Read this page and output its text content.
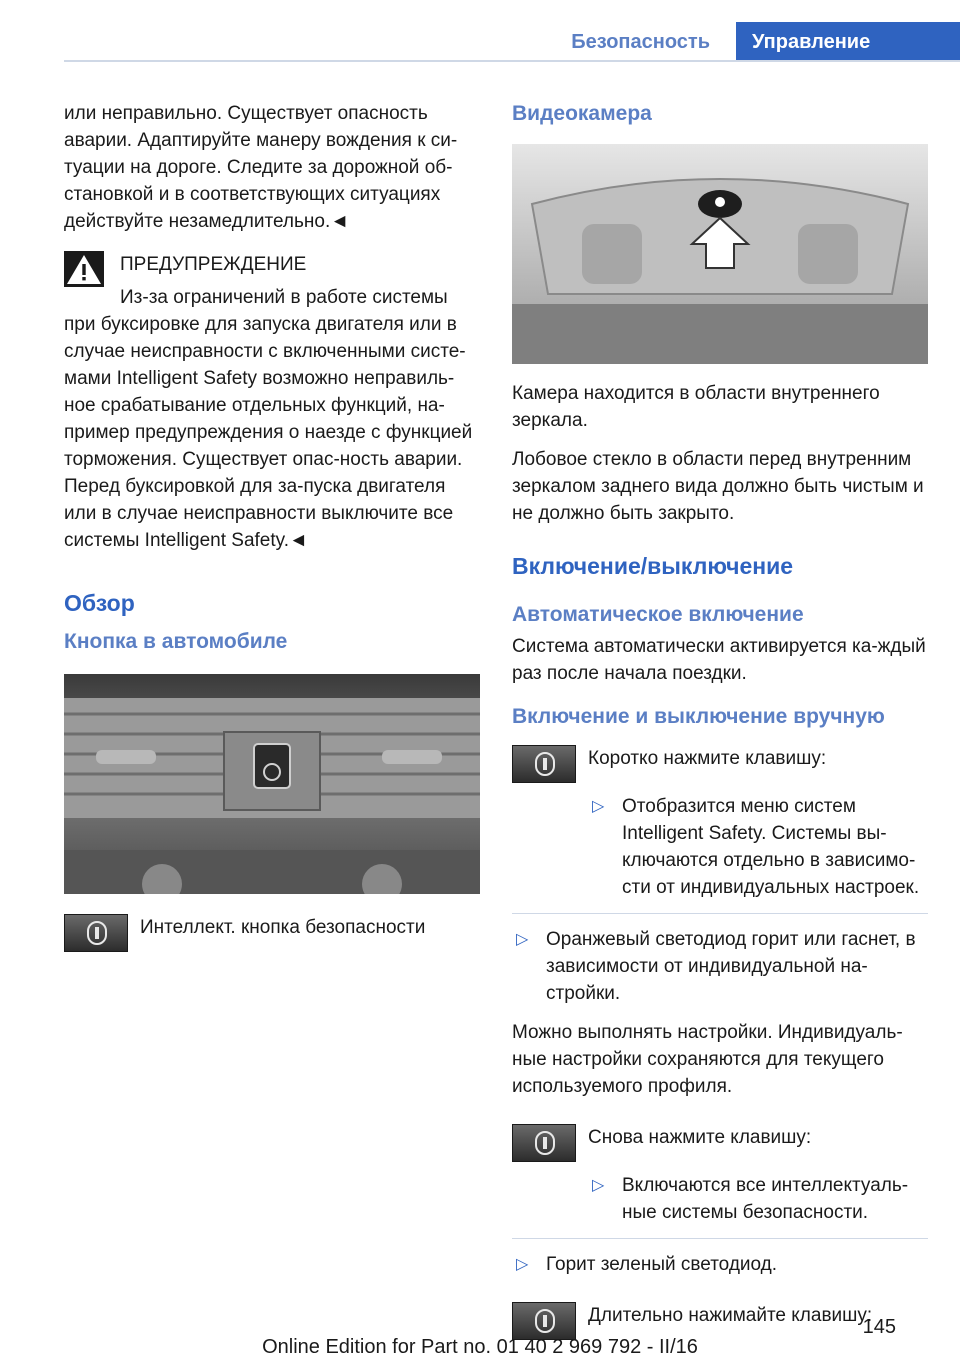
Безопасность	Управление

или неправильно. Существует опасность аварии. Адаптируйте манеру вождения к си-туации на дороге. Следите за дорожной об-становкой и в соответствующих ситуациях действуйте незамедлительно.◄

ПРЕДУПРЕЖДЕНИЕ

Из-за ограничений в работе системы при буксировке для запуска двигателя или в случае неисправности с включенными систе-мами Intelligent Safety возможно неправиль-ное срабатывание отдельных функций, на-пример предупреждения о наезде с функцией торможения. Существует опас-ность аварии. Перед буксировкой для за-пуска двигателя или в случае неисправности выключите все системы Intelligent Safety.◄

Обзор
Кнопка в автомобиле
Интеллект. кнопка безопасности
Видеокамера

Камера находится в области внутреннего зеркала.

Лобовое стекло в области перед внутренним зеркалом заднего вида должно быть чистым и не должно быть закрыто.

Включение/выключение
Автоматическое включение

Система автоматически активируется ка-ждый раз после начала поездки.

Включение и выключение вручную
Коротко нажмите клавишу:
▷ Отобразится меню систем Intelligent Safety. Системы вы-ключаются отдельно в зависимо-сти от индивидуальных настроек.
▷ Оранжевый светодиод горит или гаснет, в зависимости от индивидуальной на-стройки.

Можно выполнять настройки. Индивидуаль-ные настройки сохраняются для текущего используемого профиля.

Снова нажмите клавишу:
▷ Включаются все интеллектуаль-ные системы безопасности.
▷ Горит зеленый светодиод.
Длительно нажимайте клавишу:
145
Online Edition for Part no. 01 40 2 969 792 - II/16
